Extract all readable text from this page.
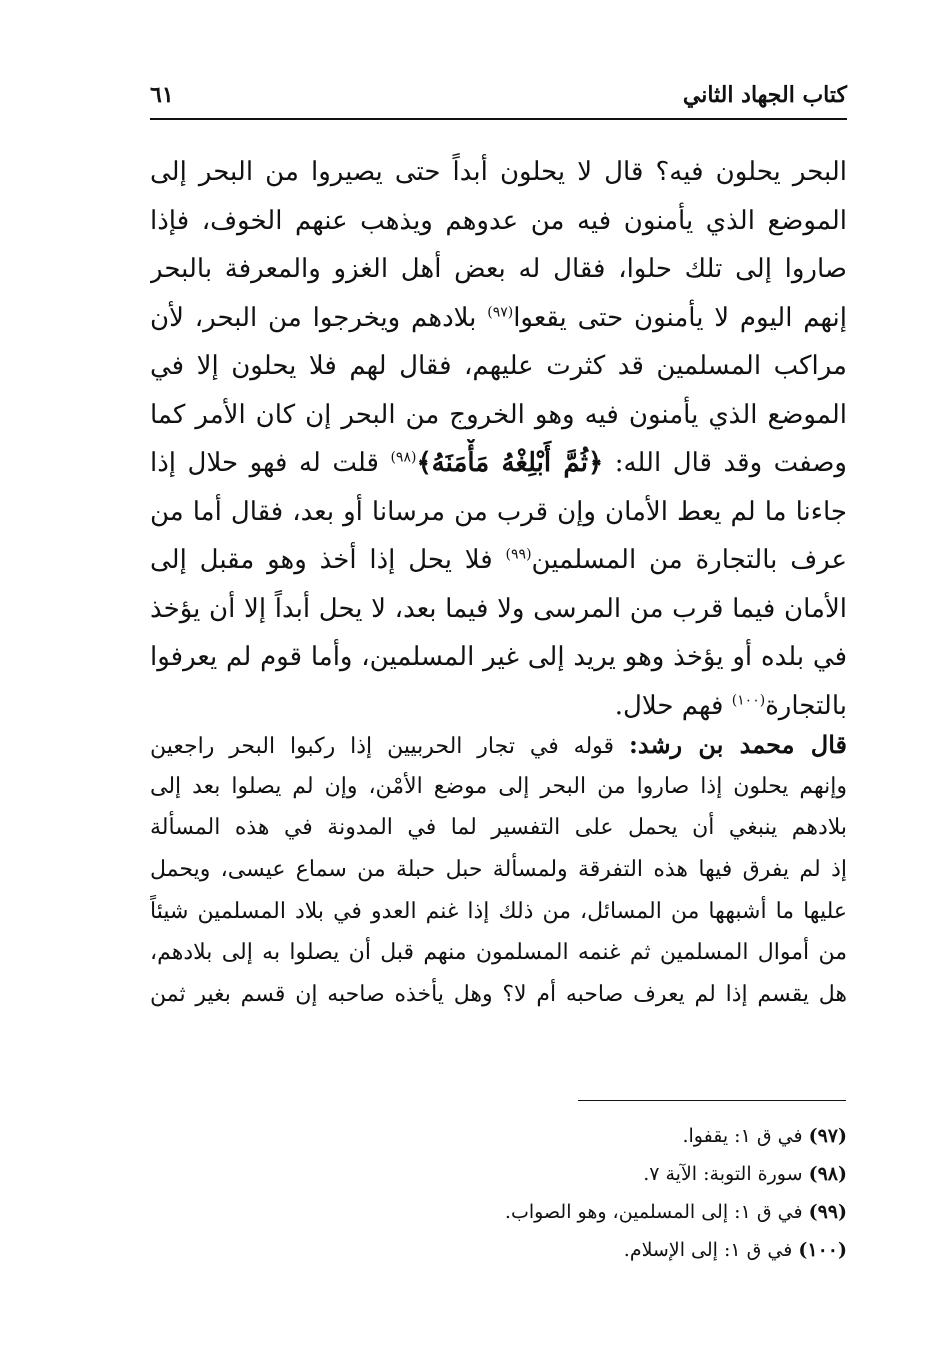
كتاب الجهاد الثاني
٦١
البحر يحلون فيه؟ قال لا يحلون أبداً حتى يصيروا من البحر إلى
الموضع الذي يأمنون فيه من عدوهم ويذهب عنهم الخوف، فإذا
صاروا إلى تلك حلوا، فقال له بعض أهل الغزو والمعرفة بالبحر
إنهم اليوم لا يأمنون حتى يقعوا$^{(٩٧)}$ بلادهم ويخرجوا من البحر، لأن
مراكب المسلمين قد كثرت عليهم، فقال لهم فلا يحلون إلا في
الموضع الذي يأمنون فيه وهو الخروج من البحر إن كان الأمر كما
وصفت وقد قال الله: ﴿ثُمَّ أَبْلِغْهُ مَأْمَنَهُ﴾$^{(٩٨)}$ قلت له فهو حلال إذا
جاءنا ما لم يعط الأمان وإن قرب من مرسانا أو بعد، فقال أما من
عرف بالتجارة من المسلمين$^{(٩٩)}$ فلا يحل إذا أخذ وهو مقبل إلى
الأمان فيما قرب من المرسى ولا فيما بعد، لا يحل أبداً إلا أن يؤخذ
في بلده أو يؤخذ وهو يريد إلى غير المسلمين، وأما قوم لم يعرفوا
بالتجارة$^{(١٠٠)}$ فهم حلال.
قال محمد بن رشد: قوله في تجار الحربيين إذا ركبوا البحر راجعين
وإنهم يحلون إذا صاروا من البحر إلى موضع الأمْن، وإن لم يصلوا بعد إلى
بلادهم ينبغي أن يحمل على التفسير لما في المدونة في هذه المسألة
إذ لم يفرق فيها هذه التفرقة ولمسألة حبل حبلة من سماع عيسى، ويحمل
عليها ما أشبهها من المسائل، من ذلك إذا غنم العدو في بلاد المسلمين شيئاً
من أموال المسلمين ثم غنمه المسلمون منهم قبل أن يصلوا به إلى بلادهم،
هل يقسم إذا لم يعرف صاحبه أم لا؟ وهل يأخذه صاحبه إن قسم بغير ثمن
(٩٧) في ق ١: يقفوا.
(٩٨) سورة التوبة: الآية ٧.
(٩٩) في ق ١: إلى المسلمين، وهو الصواب.
(١٠٠) في ق ١: إلى الإسلام.
